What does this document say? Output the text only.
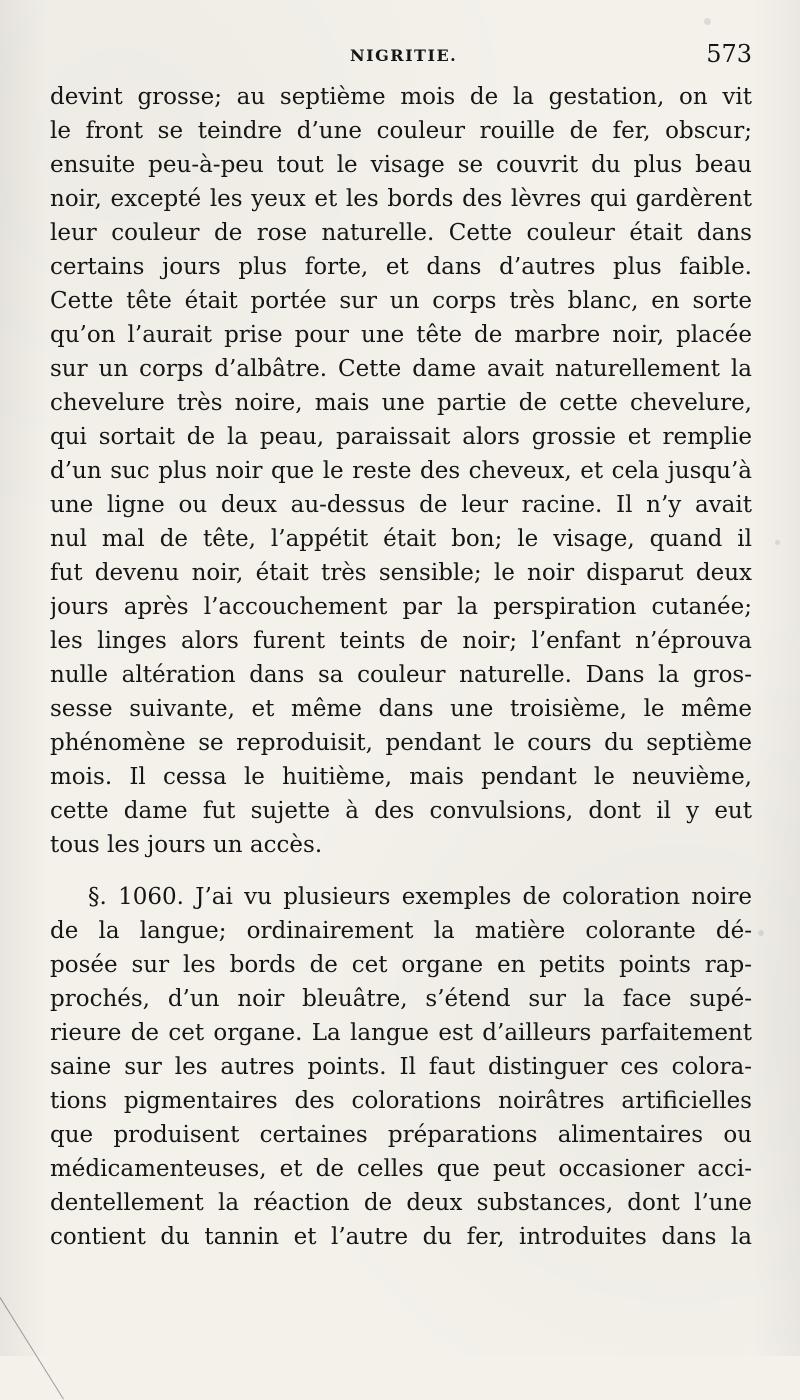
NIGRITIE.	573
devint grosse; au septième mois de la gestation, on vit
le front se teindre d’une couleur rouille de fer, obscur;
ensuite peu-à-peu tout le visage se couvrit du plus beau
noir, excepté les yeux et les bords des lèvres qui gardèrent
leur couleur de rose naturelle. Cette couleur était dans
certains jours plus forte, et dans d’autres plus faible.
Cette tête était portée sur un corps très blanc, en sorte
qu’on l’aurait prise pour une tête de marbre noir, placée
sur un corps d’albâtre. Cette dame avait naturellement la
chevelure très noire, mais une partie de cette chevelure,
qui sortait de la peau, paraissait alors grossie et remplie
d’un suc plus noir que le reste des cheveux, et cela jusqu’à
une ligne ou deux au-dessus de leur racine. Il n’y avait
nul mal de tête, l’appétit était bon; le visage, quand il
fut devenu noir, était très sensible; le noir disparut deux
jours après l’accouchement par la perspiration cutanée;
les linges alors furent teints de noir; l’enfant n’éprouva
nulle altération dans sa couleur naturelle. Dans la gros-
sesse suivante, et même dans une troisième, le même
phénomène se reproduisit, pendant le cours du septième
mois. Il cessa le huitième, mais pendant le neuvième,
cette dame fut sujette à des convulsions, dont il y eut
tous les jours un accès.
§. 1060. J’ai vu plusieurs exemples de coloration noire
de la langue; ordinairement la matière colorante dé-
posée sur les bords de cet organe en petits points rap-
prochés, d’un noir bleuâtre, s’étend sur la face supé-
rieure de cet organe. La langue est d’ailleurs parfaitement
saine sur les autres points. Il faut distinguer ces colora-
tions pigmentaires des colorations noirâtres artificielles
que produisent certaines préparations alimentaires ou
médicamenteuses, et de celles que peut occasioner acci-
dentellement la réaction de deux substances, dont l’une
contient du tannin et l’autre du fer, introduites dans la
